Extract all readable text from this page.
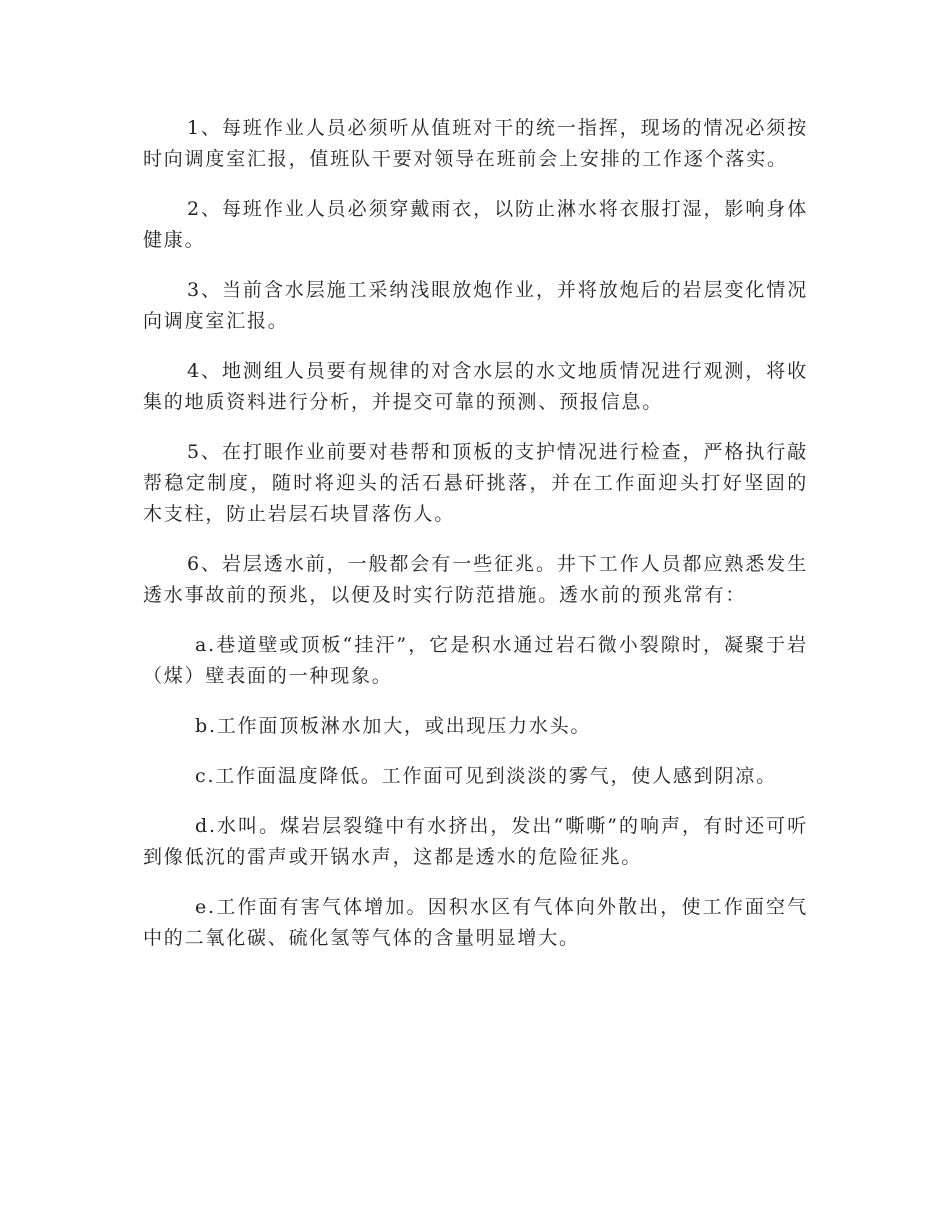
1、每班作业人员必须听从值班对干的统一指挥，现场的情况必须按时向调度室汇报，值班队干要对领导在班前会上安排的工作逐个落实。

2、每班作业人员必须穿戴雨衣，以防止淋水将衣服打湿，影响身体健康。

3、当前含水层施工采纳浅眼放炮作业，并将放炮后的岩层变化情况向调度室汇报。

4、地测组人员要有规律的对含水层的水文地质情况进行观测，将收集的地质资料进行分析，并提交可靠的预测、预报信息。

5、在打眼作业前要对巷帮和顶板的支护情况进行检查，严格执行敲帮稳定制度，随时将迎头的活石悬矸挑落，并在工作面迎头打好坚固的木支柱，防止岩层石块冒落伤人。

6、岩层透水前，一般都会有一些征兆。井下工作人员都应熟悉发生透水事故前的预兆，以便及时实行防范措施。透水前的预兆常有：

a.巷道壁或顶板“挂汗”，它是积水通过岩石微小裂隙时，凝聚于岩（煤）壁表面的一种现象。

b.工作面顶板淋水加大，或出现压力水头。

c.工作面温度降低。工作面可见到淡淡的雾气，使人感到阴凉。

d.水叫。煤岩层裂缝中有水挤出，发出“嘶嘶”的响声，有时还可听到像低沉的雷声或开锅水声，这都是透水的危险征兆。

e.工作面有害气体增加。因积水区有气体向外散出，使工作面空气中的二氧化碳、硫化氢等气体的含量明显增大。
